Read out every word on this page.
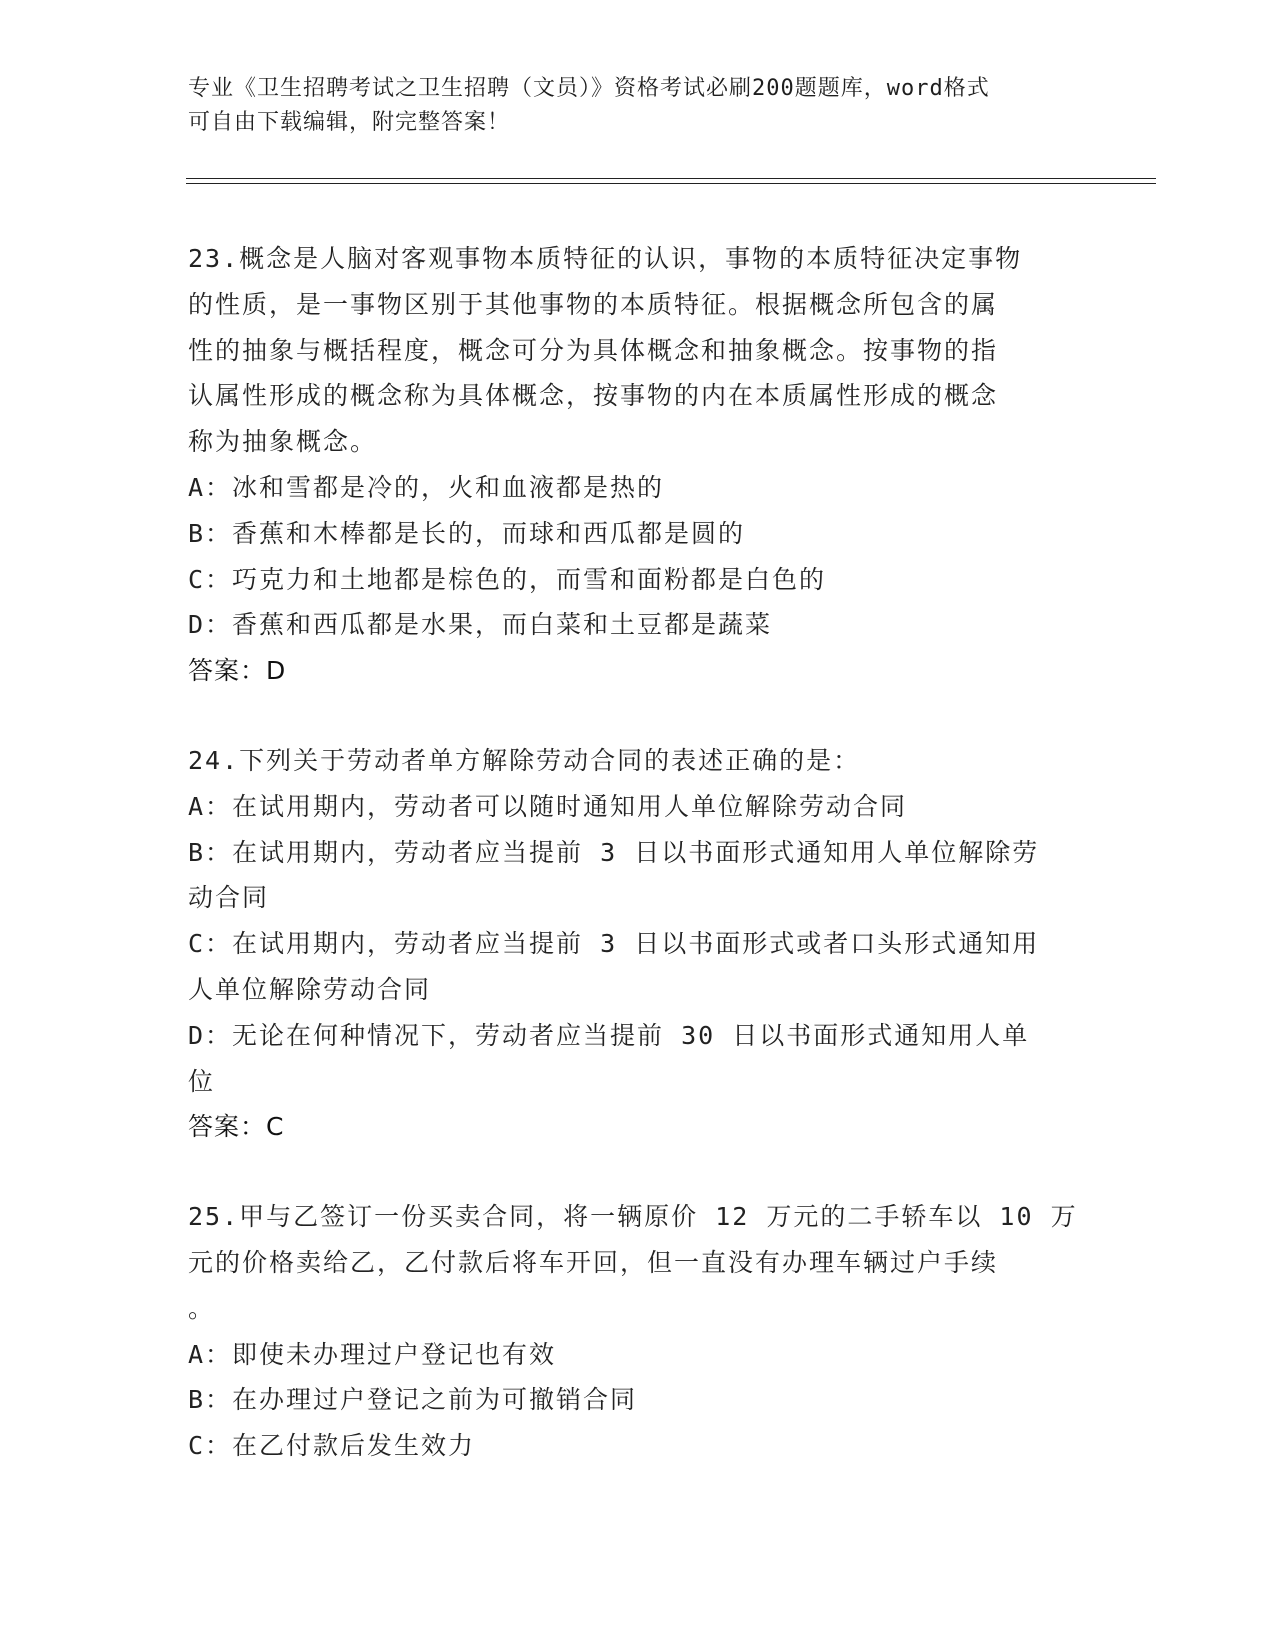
专业《卫生招聘考试之卫生招聘（文员）》资格考试必刷200题题库，word格式
可自由下载编辑，附完整答案！
23.概念是人脑对客观事物本质特征的认识，事物的本质特征决定事物
的性质，是一事物区别于其他事物的本质特征。根据概念所包含的属
性的抽象与概括程度，概念可分为具体概念和抽象概念。按事物的指
认属性形成的概念称为具体概念，按事物的内在本质属性形成的概念
称为抽象概念。
A：冰和雪都是冷的，火和血液都是热的
B：香蕉和木棒都是长的，而球和西瓜都是圆的
C：巧克力和土地都是棕色的，而雪和面粉都是白色的
D：香蕉和西瓜都是水果，而白菜和土豆都是蔬菜
答案：D
24.下列关于劳动者单方解除劳动合同的表述正确的是：
A：在试用期内，劳动者可以随时通知用人单位解除劳动合同
B：在试用期内，劳动者应当提前 3 日以书面形式通知用人单位解除劳
动合同
C：在试用期内，劳动者应当提前 3 日以书面形式或者口头形式通知用
人单位解除劳动合同
D：无论在何种情况下，劳动者应当提前 30 日以书面形式通知用人单
位
答案：C
25.甲与乙签订一份买卖合同，将一辆原价 12 万元的二手轿车以 10 万
元的价格卖给乙，乙付款后将车开回，但一直没有办理车辆过户手续
。
A：即使未办理过户登记也有效
B：在办理过户登记之前为可撤销合同
C：在乙付款后发生效力
